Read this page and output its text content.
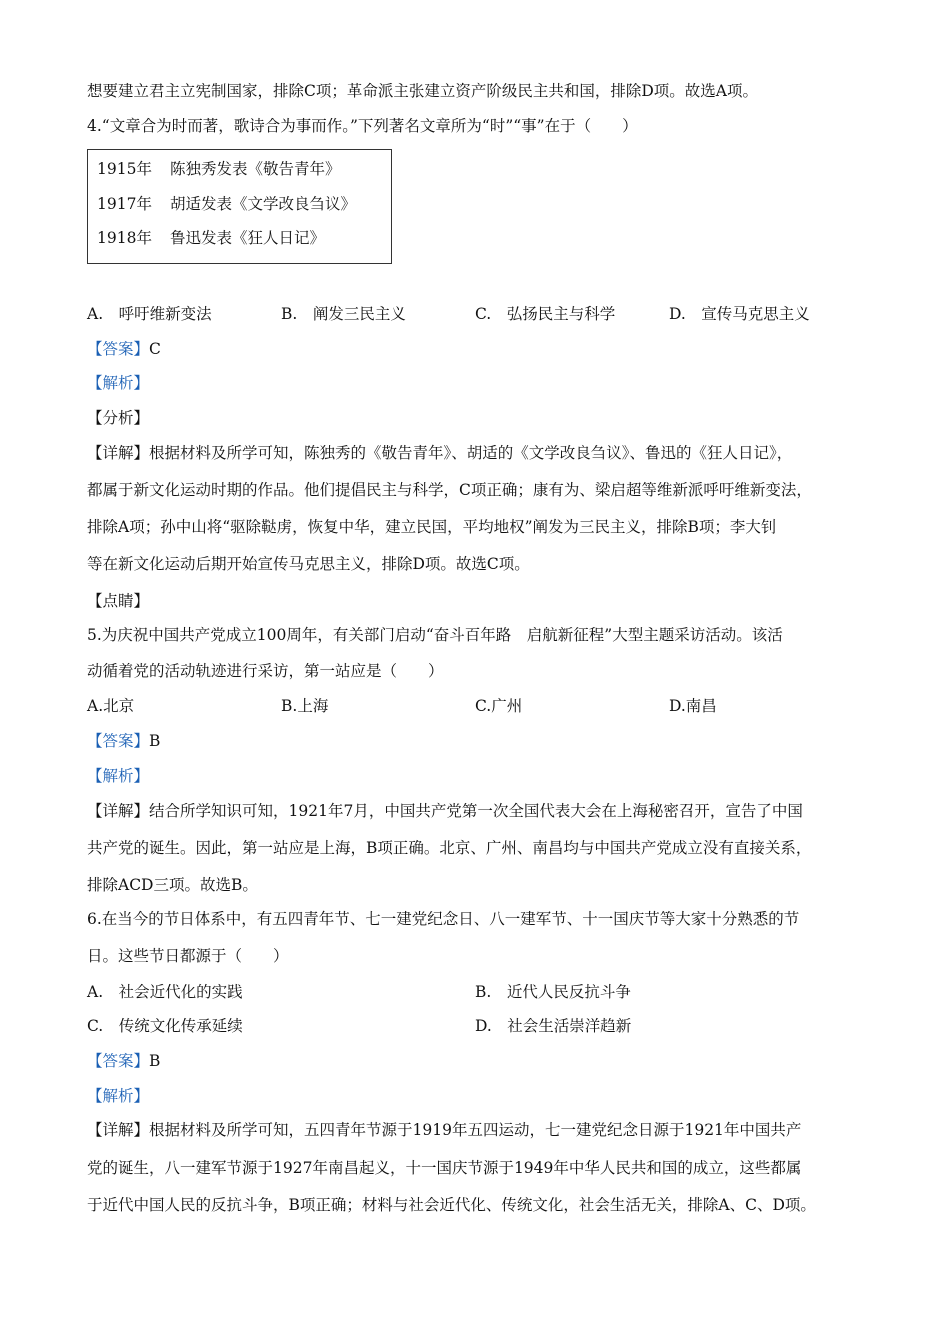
想要建立君主立宪制国家，排除C项；革命派主张建立资产阶级民主共和国，排除D项。故选A项。
4.“文章合为时而著，歌诗合为事而作。”下列著名文章所为“时”“事”在于（　　）
1915年 陈独秀发表《敬告青年》
1917年 胡适发表《文学改良刍议》
1918年 鲁迅发表《狂人日记》
A.　呼吁维新变法	B.　阐发三民主义	C.　弘扬民主与科学	D.　宣传马克思主义
【答案】C
【解析】
【分析】
【详解】根据材料及所学可知，陈独秀的《敬告青年》、胡适的《文学改良刍议》、鲁迅的《狂人日记》，
都属于新文化运动时期的作品。他们提倡民主与科学，C项正确；康有为、梁启超等维新派呼吁维新变法，
排除A项；孙中山将“驱除鞑虏，恢复中华，建立民国，平均地权”阐发为三民主义，排除B项；李大钊
等在新文化运动后期开始宣传马克思主义，排除D项。故选C项。
【点睛】
5.为庆祝中国共产党成立100周年，有关部门启动“奋斗百年路　启航新征程”大型主题采访活动。该活
动循着党的活动轨迹进行采访，第一站应是（　　）
A.北京	B.上海	C.广州	D.南昌
【答案】B
【解析】
【详解】结合所学知识可知，1921年7月，中国共产党第一次全国代表大会在上海秘密召开，宣告了中国
共产党的诞生。因此，第一站应是上海，B项正确。北京、广州、南昌均与中国共产党成立没有直接关系，
排除ACD三项。故选B。
6.在当今的节日体系中，有五四青年节、七一建党纪念日、八一建军节、十一国庆节等大家十分熟悉的节
日。这些节日都源于（　　）
A.　社会近代化的实践	B.　近代人民反抗斗争
C.　传统文化传承延续	D.　社会生活崇洋趋新
【答案】B
【解析】
【详解】根据材料及所学可知，五四青年节源于1919年五四运动，七一建党纪念日源于1921年中国共产
党的诞生，八一建军节源于1927年南昌起义，十一国庆节源于1949年中华人民共和国的成立，这些都属
于近代中国人民的反抗斗争，B项正确；材料与社会近代化、传统文化，社会生活无关，排除A、C、D项。
